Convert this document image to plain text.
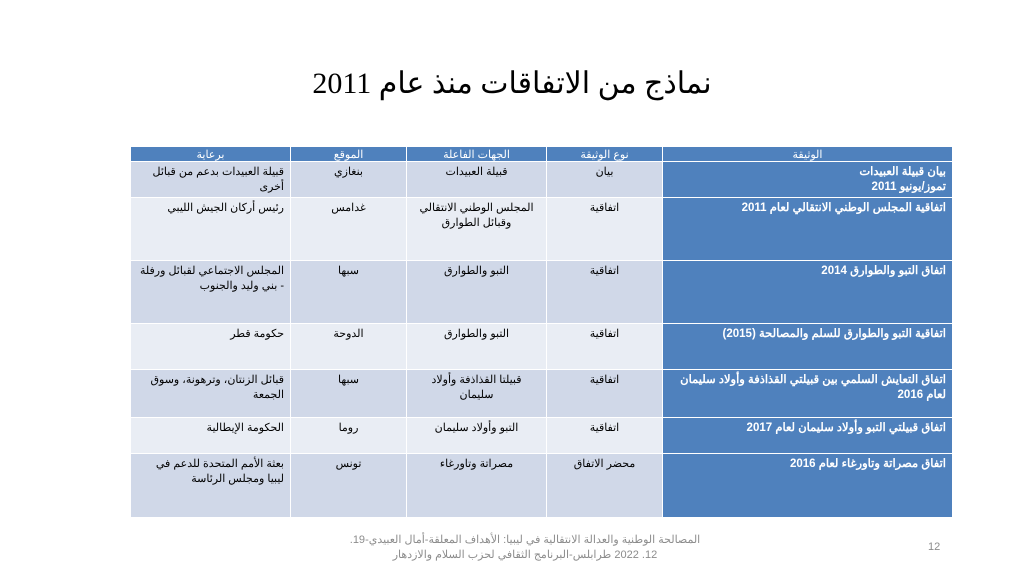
نماذج من الاتفاقات منذ عام 2011
الوثيقة	نوع الوثيقة	الجهات الفاعلة	الموقع	برعاية

بيان قبيلة العبيدات
تموز/يونيو 2011	بيان	قبيلة العبيدات	بنغازي	قبيلة العبيدات بدعم من قبائل أخرى

اتفاقية المجلس الوطني الانتقالي لعام 2011	اتفاقية	المجلس الوطني الانتقالي وقبائل الطوارق	غدامس	رئيس أركان الجيش الليبي

اتفاق التبو والطوارق 2014	اتفاقية	التبو والطوارق	سبها	المجلس الاجتماعي لقبائل ورفلة - بني وليد والجنوب

اتفاقية التبو والطوارق للسلم والمصالحة (2015)	اتفاقية	التبو والطوارق	الدوحة	حكومة قطر

اتفاق التعايش السلمي بين قبيلتي القذاذفة وأولاد سليمان لعام 2016	اتفاقية	قبيلتا القذاذفة وأولاد سليمان	سبها	قبائل الزنتان، وترهونة، وسوق الجمعة

اتفاق قبيلتي التبو وأولاد سليمان لعام 2017	اتفاقية	التبو وأولاد سليمان	روما	الحكومة الإيطالية

اتفاق مصراتة وتاورغاء لعام 2016	محضر الاتفاق	مصراتة وتاورغاء	تونس	بعثة الأمم المتحدة للدعم في ليبيا ومجلس الرئاسة
المصالحة الوطنية والعدالة الانتقالية في ليبيا: الأهداف المعلقة-أمال العبيدي-19.
12. 2022 طرابلس-البرنامج الثقافي لحزب السلام والازدهار
12
